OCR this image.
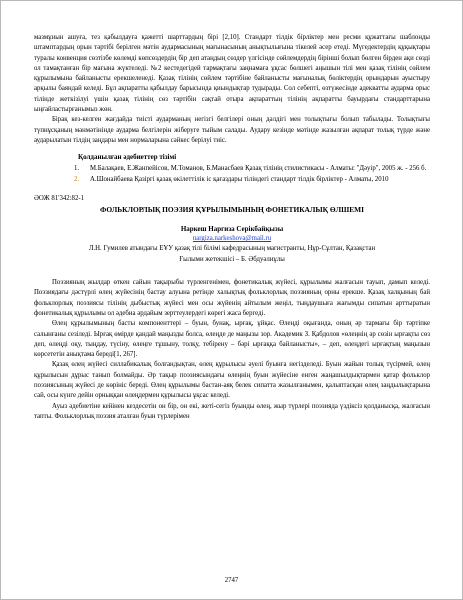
мазмұнын ашуға, тез қабылдауға қажетті шарттардың бірі [2,10]. Стандарт тілдік бірліктер мен ресми құжаттағы шаблонды штамптардың орын тәртібі берілген мәтін аудармасының мағынасының анықтылығына тікелей әсер етеді. Мүгедектердің құқықтары туралы конвенция сөзтізбе көлемді көпсөздердің бір деп атаңдың сөздер үлгісінде сөйлемдердің бірінші болып бөлген бірден ақи сөзді ол тамақтанған бір мағына жүктеледі. №2 кестедегідей тармақтағы заңнамаға ұқсас бөлшегі аңышын тілі мен қазақ тілінің сөйлем құрылымына байланысты ерекшеленеді. Қазақ тілінің сөйлем тәртібіне байланысты мағыналық бөліктердің орындарын ауыстыру арқылы баяндай келеді. Бұл ақпаратты қабылдау барысында қиындықтар тудырады. Сол себепті, өзтүжесінде адекватты аударма орыс тілінде жеткізілуі үшін қазақ тілінің сөз тәртібін сақтай отыра ақпараттың тілінің ақпаратты бауырдағы стандарттарына ыңғайластырғанымыз жөн.

Бірақ кез-келген жағдайда тиісті аударманың негізгі белгілері оның дәлдігі мен толықтығы болып табылады. Толықтығы түпнұсқаның мәнмәтінінде аударма белгілерін жіберуге тыйым салады. Аудару кезінде мәтінде жазылған ақпарат толық түрде және аударылатын тілдің заңдары мен нормаларына сәйкес берілуі тиіс.

Қолданылған әдебиеттер тізімі

1. М.Балақаев, Е.Жанпейісов, М.Томанов, Б.Манасбаев Қазақ тілінің стилистикасы - Алматы: "Дәуір", 2005 ж. - 256 б.
2. А.Шонайбаева Қазіргі қазақ өкілеттілік іс қағаздары тіліндегі стандарт тілдік бірліктер - Алматы, 2010

ӘОЖ 81'342:82-1

ФОЛЬКЛОРЛЫҚ ПОЭЗИЯ ҚҰРЫЛЫМЫНЫҢ ФОНЕТИКАЛЫҚ ӨЛШЕМІ

Наркеш Наргиза Серікбайқызы
nargiza.narkeshova@mail.ru
Л.Н. Гумилев атындағы ЕҰУ қазақ тілі білімі кафедрасының магистранты, Нұр-Сұлтан, Қазақстан
Ғылыми жетекшісі – Б. Әбдуәлиұлы

Поэзияның жылдар өткен сайын тақырыбы түрленгенімен, фонетикалық жүйесі, құрылымы жалғасын тауып, дамып келеді. Поэзиядағы дәстүрлі өлең жүйесінің бастау алуына ретінде халықтық фольклорлық поэзияның орны ерекше. Қазақ халқының бай фольклорлық поэзиясы тілінің дыбыстық жүйесі мен осы жүйенің айтылым жеңіл, тыңдаушыға жағымды сипатын арттыратын фонетикалық құрылымы ол әдебиа әрдайым зерттеулердегі көрегі жаса бергеді.

Өлең құрылымының басты компоненттері – буын, бунақ, ырғақ, ұйқас. Өлеңді оқығанда, оның әр тармағы бір тәртіпке салынғаны сезіледі. Ырғақ өмірде қандай маңызды болса, өлеңде де маңызы зор. Академик З. Қабдолов «өлеңнің әр сөзін ырғақты сөз деп, өлеңді оқу, тыңдау, түсіну, өлеңге тұшыну, толқу, тебірену – бәрі ырғаққа байланысты», – деп, өлеңдегі ырғақтың маңызын көрсететін анықтама береді[1, 267].

Қазақ өлең жүйесі силлабикалық болғандықтан, өлең құрылысы әуелі буынға негізделеді. Буын жайын толық түсірмей, өлең құрылысын дұрыс танып болмайды. Әр тақыр поэзиясындағы өлеңнің буын жүйесіне енген жаңашылдықтармен қатар фольклор поэзиясының жүйесі де көрініс береді. Өлең құрылымы бастан-аяқ белек сипатта жазылғанымен, қалыптасқан өлең заңдылықтарына сай, осы күнге дейін орныққан өлеңдермен құрылысы ұқсас келеді.

Ауыз әдебиетіне кейінен кездесетін он бір, он екі, жеті-сегіз буынды өлең, жыр түрлері поэзияда үздіксіз қолданысқа, жалғасын тапты. Фольклорлық поэзия аталған буын түрлерімен

2747
